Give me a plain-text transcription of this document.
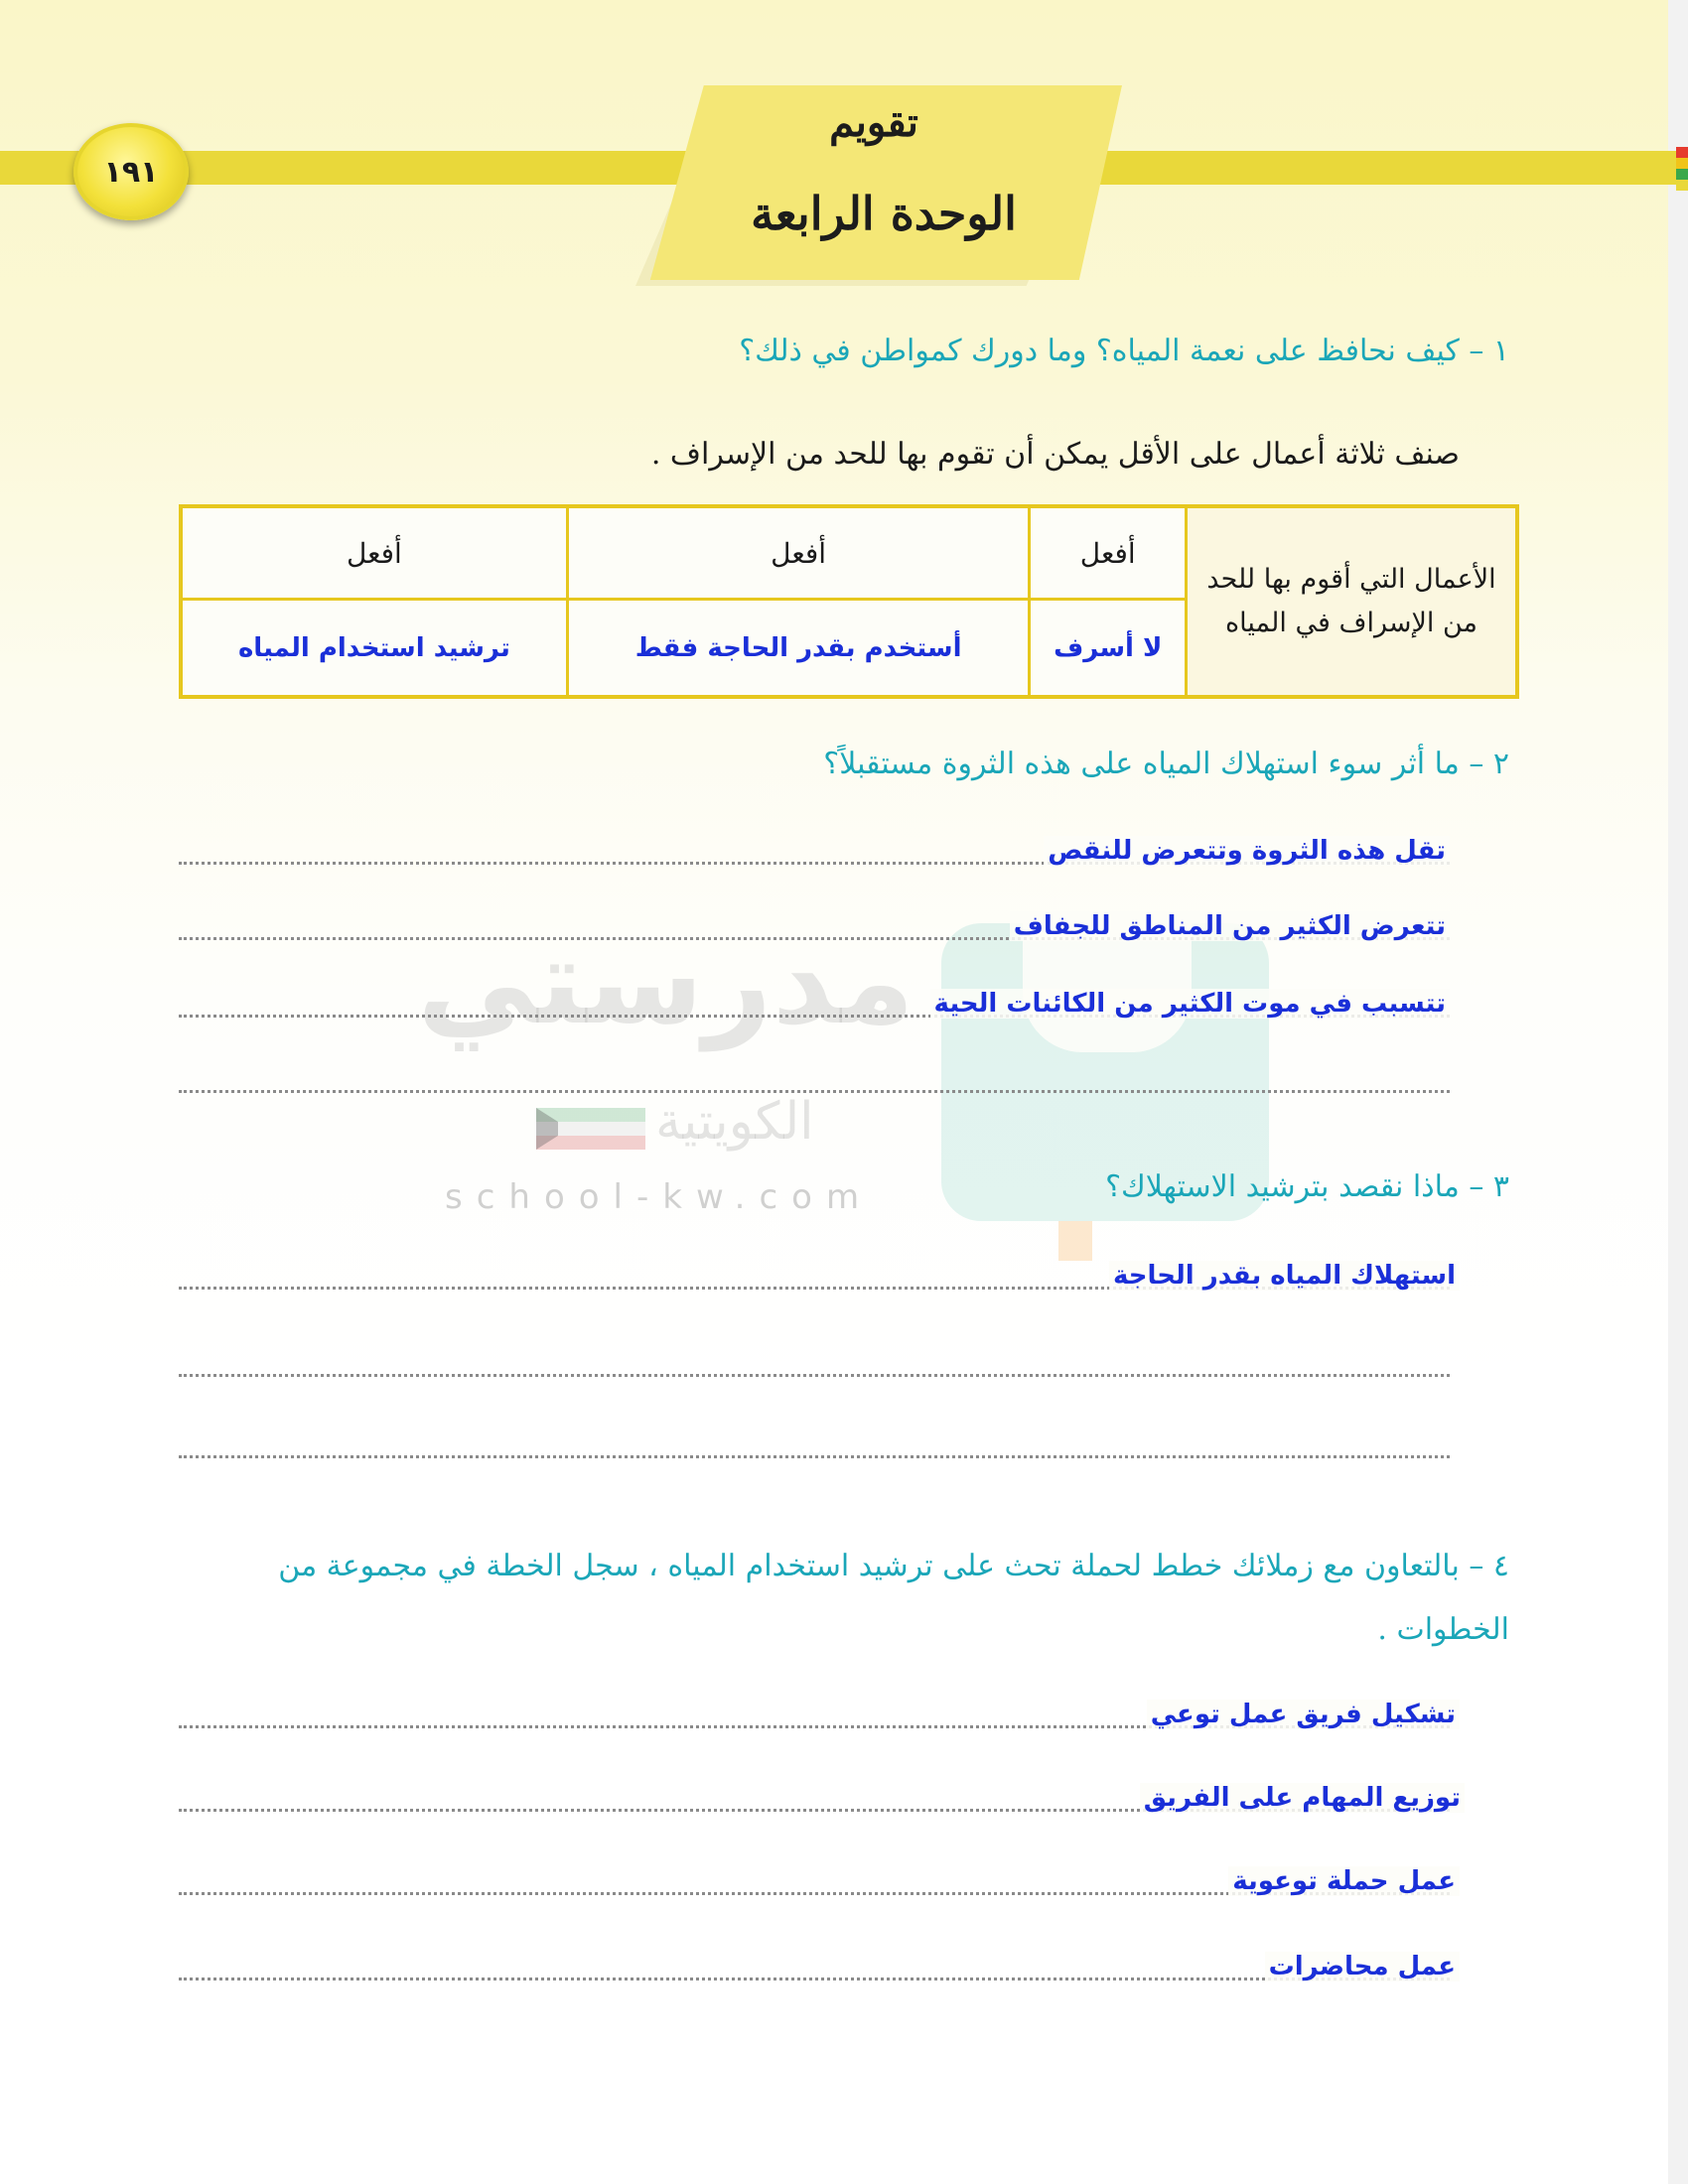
مدرستي
الكويتية
school-kw.com
١٩١
تقويم
الوحدة الرابعة
١ – كيف نحافظ على نعمة المياه؟ وما دورك كمواطن في ذلك؟
صنف ثلاثة أعمال على الأقل يمكن أن تقوم بها للحد من الإسراف .
الأعمال التي أقوم بها للحد من الإسراف في المياه	أفعل	أفعل	أفعل
	لا أسرف	أستخدم بقدر الحاجة فقط	ترشيد استخدام المياه
٢ – ما أثر سوء استهلاك المياه على هذه الثروة مستقبلاً؟
تقل هذه الثروة وتتعرض للنقص
تتعرض الكثير من المناطق للجفاف
تتسبب في موت الكثير من الكائنات الحية
٣ – ماذا نقصد بترشيد الاستهلاك؟
استهلاك المياه بقدر الحاجة
٤ – بالتعاون مع زملائك خطط لحملة تحث على ترشيد استخدام المياه ، سجل الخطة في مجموعة من الخطوات .
تشكيل فريق عمل توعي
توزيع المهام على الفريق
عمل حملة توعوية
عمل محاضرات
